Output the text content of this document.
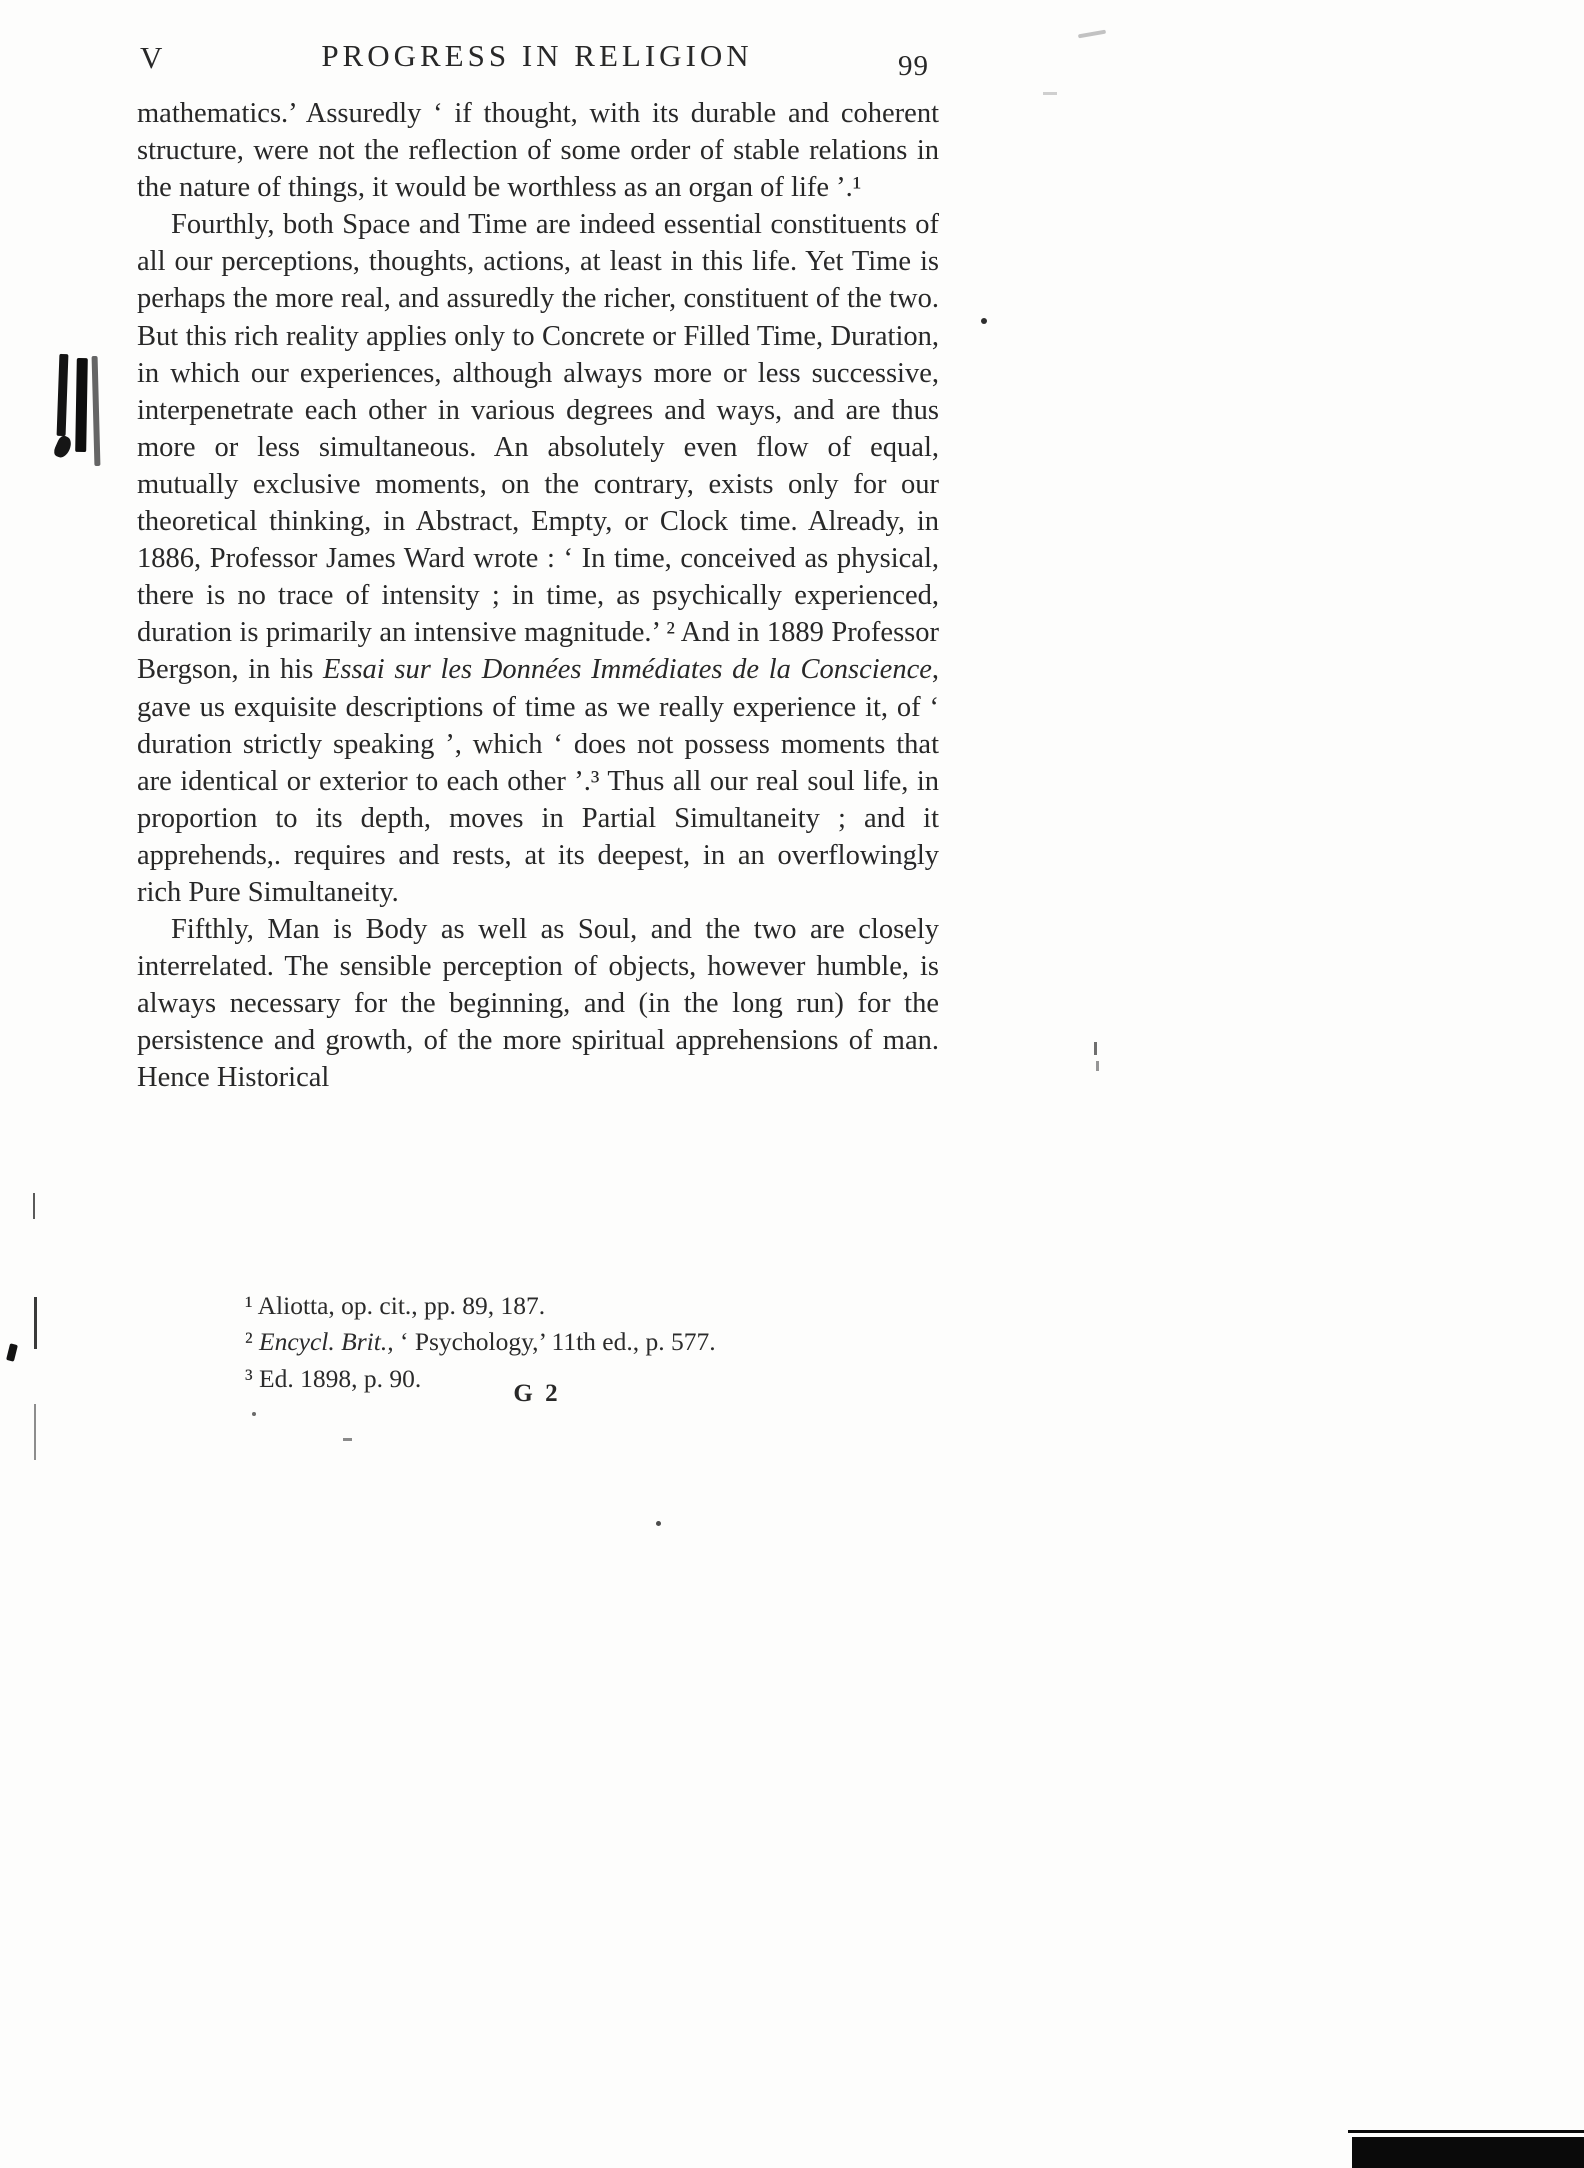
V	PROGRESS IN RELIGION	99

mathematics.’ Assuredly ‘ if thought, with its durable and coherent structure, were not the reflection of some order of stable relations in the nature of things, it would be worthless as an organ of life ’.¹

Fourthly, both Space and Time are indeed essential constituents of all our perceptions, thoughts, actions, at least in this life. Yet Time is perhaps the more real, and assuredly the richer, constituent of the two. But this rich reality applies only to Concrete or Filled Time, Duration, in which our experiences, although always more or less successive, interpenetrate each other in various degrees and ways, and are thus more or less simultaneous. An absolutely even flow of equal, mutually exclusive moments, on the contrary, exists only for our theoretical thinking, in Abstract, Empty, or Clock time. Already, in 1886, Professor James Ward wrote : ‘ In time, conceived as physical, there is no trace of intensity ; in time, as psychically experienced, duration is primarily an intensive magnitude.’ ² And in 1889 Professor Bergson, in his Essai sur les Données Immédiates de la Conscience, gave us exquisite descriptions of time as we really experience it, of ‘ duration strictly speaking ’, which ‘ does not possess moments that are identical or exterior to each other ’.³ Thus all our real soul life, in proportion to its depth, moves in Partial Simultaneity ; and it apprehends,. requires and rests, at its deepest, in an overflowingly rich Pure Simultaneity.

Fifthly, Man is Body as well as Soul, and the two are closely interrelated. The sensible perception of objects, however humble, is always necessary for the beginning, and (in the long run) for the persistence and growth, of the more spiritual apprehensions of man. Hence Historical

¹ Aliotta, op. cit., pp. 89, 187.

² Encycl. Brit., ‘ Psychology,’ 11th ed., p. 577.

³ Ed. 1898, p. 90.

G 2
